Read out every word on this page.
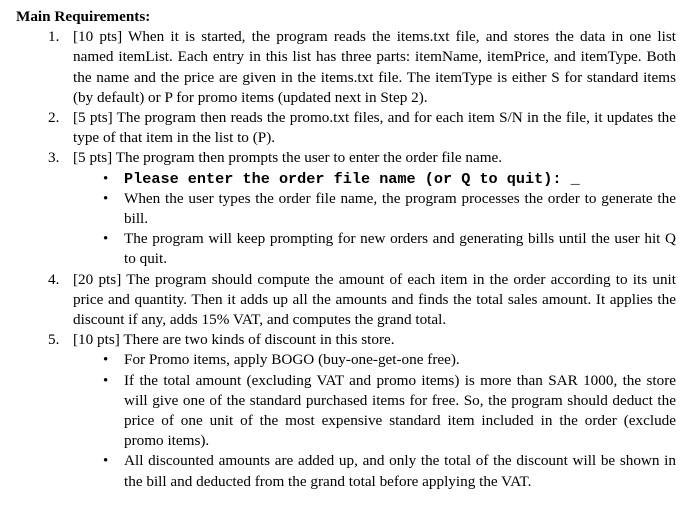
Main Requirements:

1. [10 pts] When it is started, the program reads the items.txt file, and stores the data in one list named itemList. Each entry in this list has three parts: itemName, itemPrice, and itemType. Both the name and the price are given in the items.txt file. The itemType is either S for standard items (by default) or P for promo items (updated next in Step 2).
2. [5 pts] The program then reads the promo.txt files, and for each item S/N in the file, it updates the type of that item in the list to (P).
3. [5 pts] The program then prompts the user to enter the order file name.
• Please enter the order file name (or Q to quit): _
• When the user types the order file name, the program processes the order to generate the bill.
• The program will keep prompting for new orders and generating bills until the user hit Q to quit.
4. [20 pts] The program should compute the amount of each item in the order according to its unit price and quantity. Then it adds up all the amounts and finds the total sales amount. It applies the discount if any, adds 15% VAT, and computes the grand total.
5. [10 pts] There are two kinds of discount in this store.
• For Promo items, apply BOGO (buy-one-get-one free).
• If the total amount (excluding VAT and promo items) is more than SAR 1000, the store will give one of the standard purchased items for free. So, the program should deduct the price of one unit of the most expensive standard item included in the order (exclude promo items).
• All discounted amounts are added up, and only the total of the discount will be shown in the bill and deducted from the grand total before applying the VAT.
